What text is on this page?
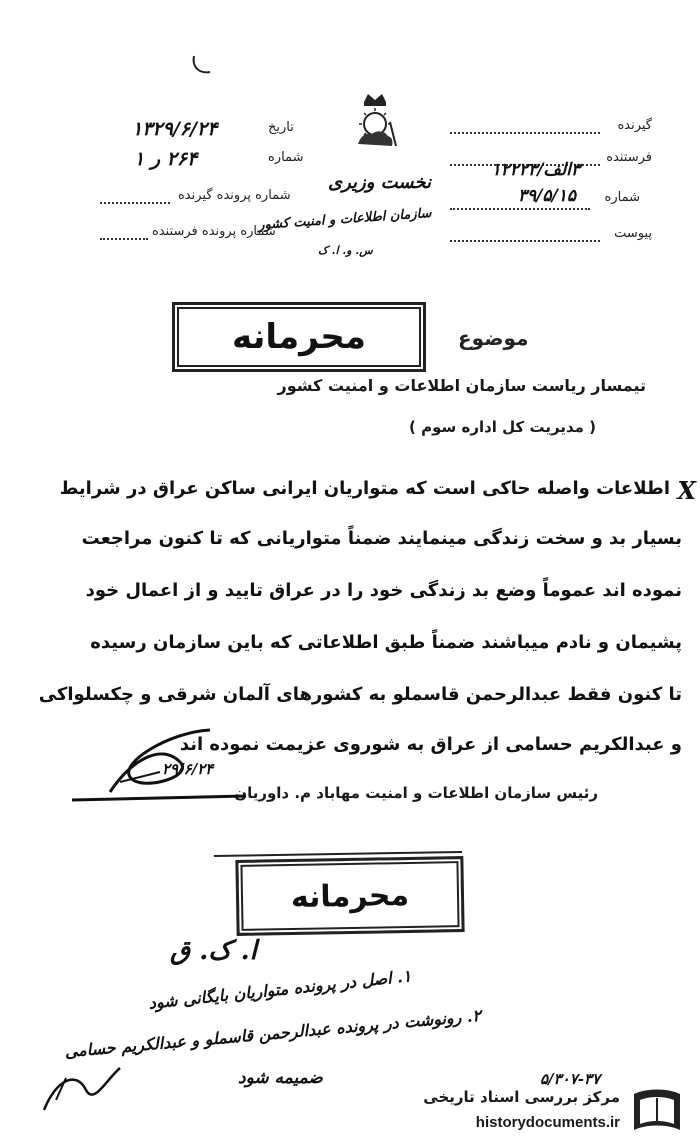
گیرنده
فرستنده
شماره
۳الف/۱۲۲۲۳
۳۹/۵/۱۵
پیوست
نخست وزیری
سازمان اطلاعات و امنیت کشور
س. و. ا. ک
تاریخ
۱۳۲۹/۶/۲۴
شماره
۲۶۴ ر ۱
شماره پرونده گیرنده
شماره پرونده فرستنده
موضوع
محرمانه
تیمسار ریاست سازمان اطلاعات و امنیت کشور
( مدیریت کل اداره سوم )
X
اطلاعات واصله حاکی است که متواریان ایرانی ساکن عراق در شرایط
بسیار بد و سخت زندگی مینمایند ضمناً متواریانی که تا کنون مراجعت
نموده اند عموماً وضع بد زندگی خود را در عراق تایید و از اعمال خود
پشیمان و نادم میباشند ضمناً طبق اطلاعاتی که باین سازمان رسیده
تا کنون فقط عبدالرحمن قاسملو به کشورهای آلمان شرقی و چکسلواکی
و عبدالکریم حسامی از عراق به شوروی عزیمت نموده اند
۲۹/۶/۲۴
رئیس سازمان اطلاعات و امنیت مهاباد م. داوریان
محرمانه
ا. ک. ق
۱. اصل در پرونده متواریان بایگانی شود
۲. رونوشت در پرونده عبدالرحمن قاسملو و عبدالکریم حسامی
ضمیمه شود	۵/۳۰۷-۳۷
مرکز بررسی اسناد تاریخی
historydocuments.ir
